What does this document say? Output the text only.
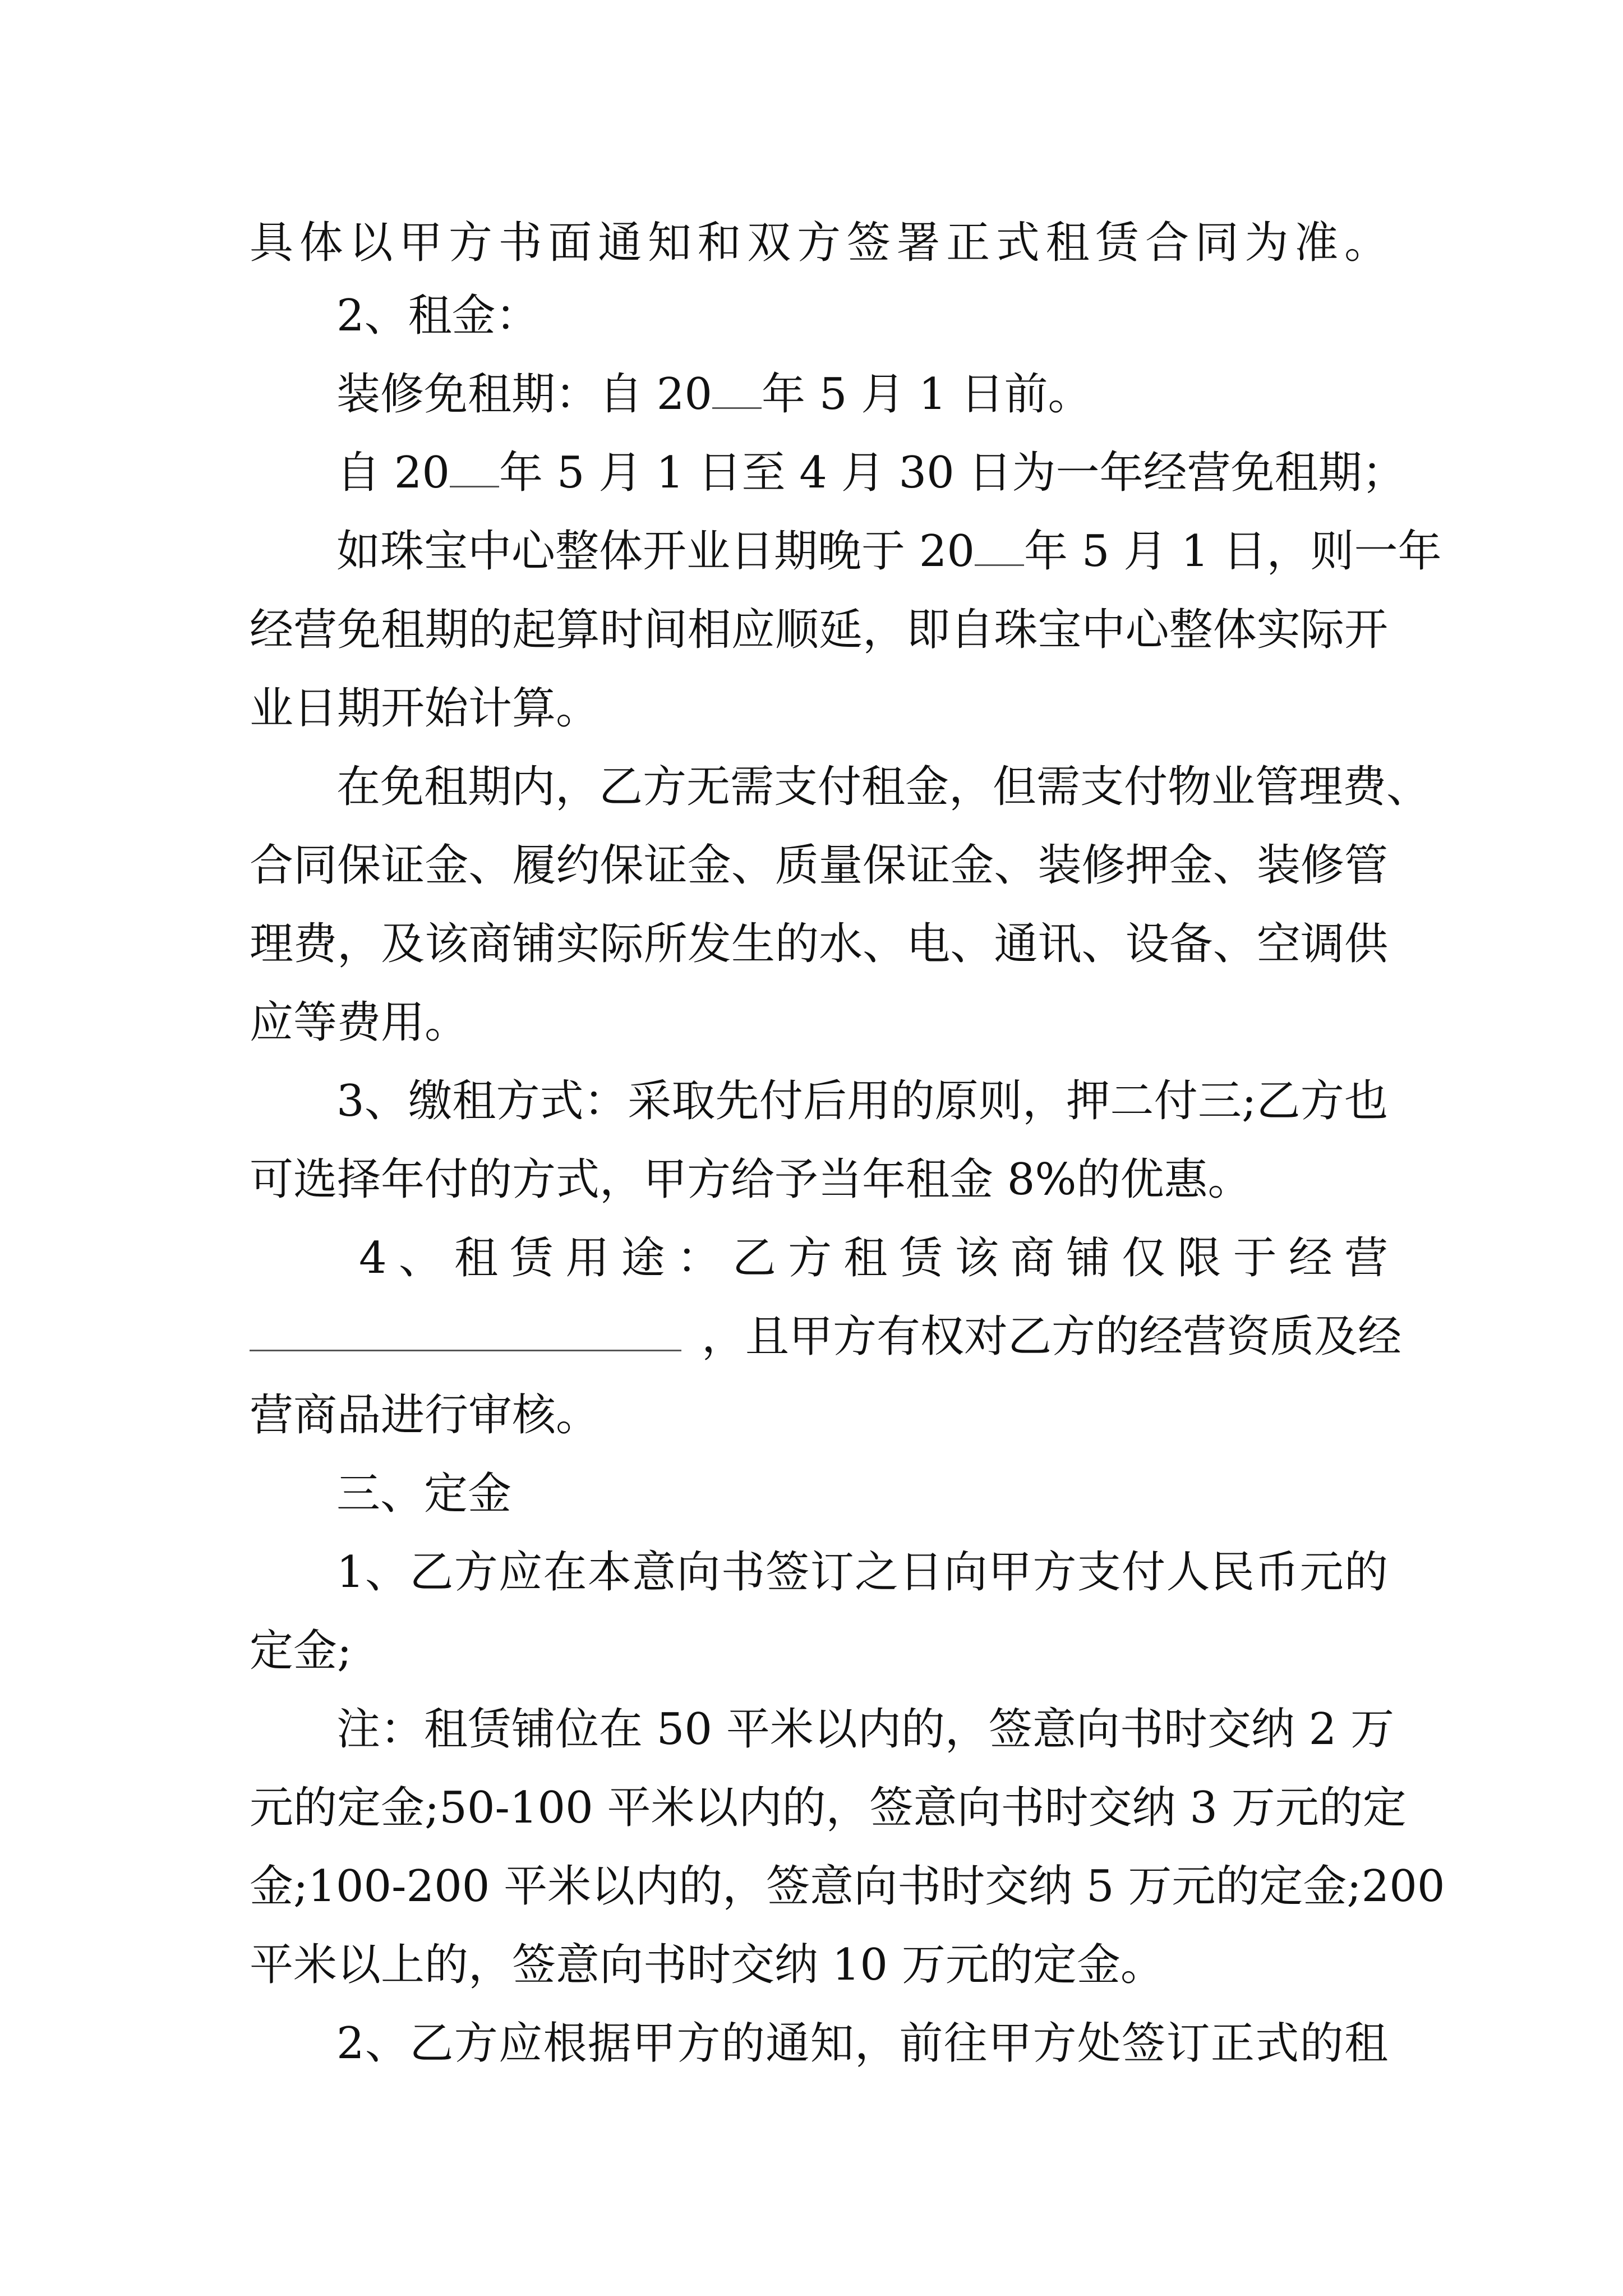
具体以甲方书面通知和双方签署正式租赁合同为准。
2、租金：
装修免租期：自 20 年 5 月 1 日前。
自 20 年 5 月 1 日至 4 月 30 日为一年经营免租期；
如珠宝中心整体开业日期晚于 20 年 5 月 1 日，则一年
经营免租期的起算时间相应顺延，即自珠宝中心整体实际开
业日期开始计算。
在免租期内，乙方无需支付租金，但需支付物业管理费、
合同保证金、履约保证金、质量保证金、装修押金、装修管
理费，及该商铺实际所发生的水、电、通讯、设备、空调供
应等费用。
3、缴租方式：采取先付后用的原则，押二付三;乙方也
可选择年付的方式，甲方给予当年租金 8%的优惠。
4、租赁用途：乙方租赁该商铺仅限于经营
，且甲方有权对乙方的经营资质及经
营商品进行审核。
三、定金
1、乙方应在本意向书签订之日向甲方支付人民币元的
定金;
注：租赁铺位在 50 平米以内的，签意向书时交纳 2 万
元的定金;50-100 平米以内的，签意向书时交纳 3 万元的定
金;100-200 平米以内的，签意向书时交纳 5 万元的定金;200
平米以上的，签意向书时交纳 10 万元的定金。
2、乙方应根据甲方的通知，前往甲方处签订正式的租
